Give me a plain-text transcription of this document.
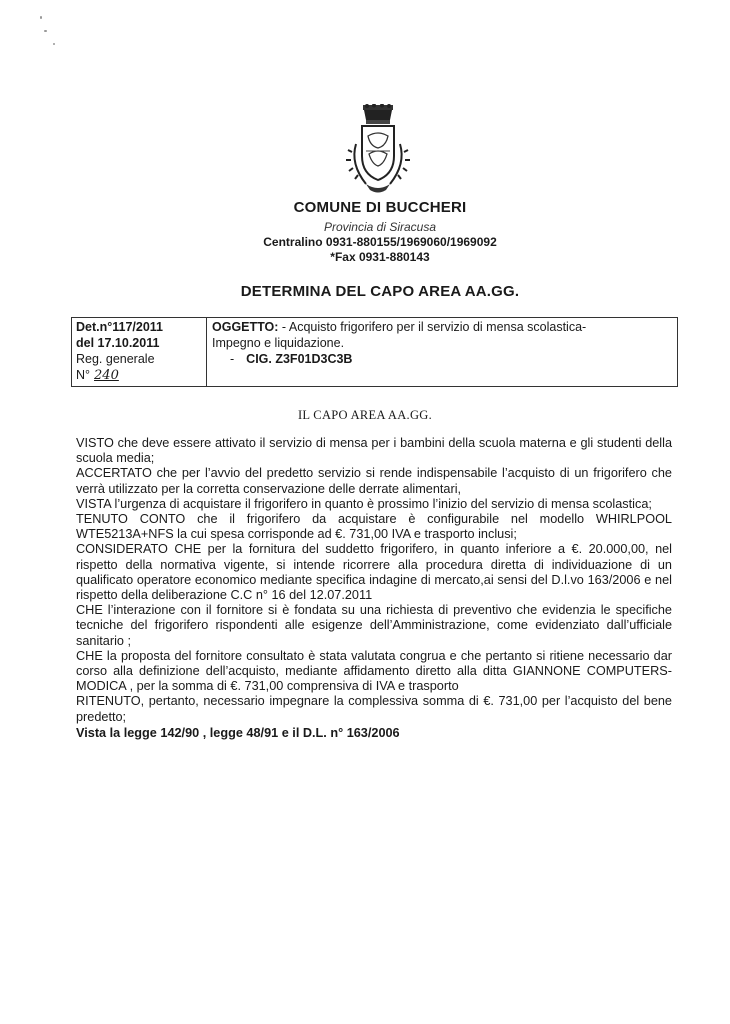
COMUNE DI BUCCHERI
Provincia di Siracusa
Centralino 0931-880155/1969060/1969092
*Fax 0931-880143
DETERMINA DEL CAPO AREA AA.GG.
Det.n°117/2011
del 17.10.2011
Reg. generale
N° 240
OGGETTO: - Acquisto frigorifero per il servizio di mensa scolastica-
Impegno e liquidazione.
- CIG. Z3F01D3C3B
IL CAPO AREA AA.GG.

VISTO che deve essere attivato il servizio di mensa per i bambini della scuola materna e gli studenti della scuola media;

ACCERTATO che per l’avvio del predetto servizio si rende indispensabile l’acquisto di un frigorifero che verrà utilizzato per la corretta conservazione delle derrate alimentari,

VISTA l’urgenza di acquistare il frigorifero in quanto è prossimo l’inizio del servizio di mensa scolastica;

TENUTO CONTO che il frigorifero da acquistare è configurabile nel modello WHIRLPOOL WTE5213A+NFS la cui spesa corrisponde ad €. 731,00 IVA e trasporto inclusi;

CONSIDERATO CHE per la fornitura del suddetto frigorifero, in quanto inferiore a €. 20.000,00, nel rispetto della normativa vigente, si intende ricorrere alla procedura diretta di individuazione di un qualificato operatore economico mediante specifica indagine di mercato,ai sensi del D.l.vo 163/2006 e nel rispetto della deliberazione C.C n° 16 del 12.07.2011

CHE l’interazione con il fornitore si è fondata su una richiesta di preventivo che evidenzia le specifiche tecniche del frigorifero rispondenti alle esigenze dell’Amministrazione, come evidenziato dall’ufficiale sanitario ;

CHE la proposta del fornitore consultato è stata valutata congrua e che pertanto si ritiene necessario dar corso alla definizione dell’acquisto, mediante affidamento diretto alla ditta GIANNONE COMPUTERS- MODICA , per la somma di €. 731,00 comprensiva di IVA e trasporto

RITENUTO, pertanto, necessario impegnare la complessiva somma di €. 731,00 per l’acquisto del bene predetto;

Vista la legge 142/90 , legge 48/91 e il D.L. n° 163/2006
